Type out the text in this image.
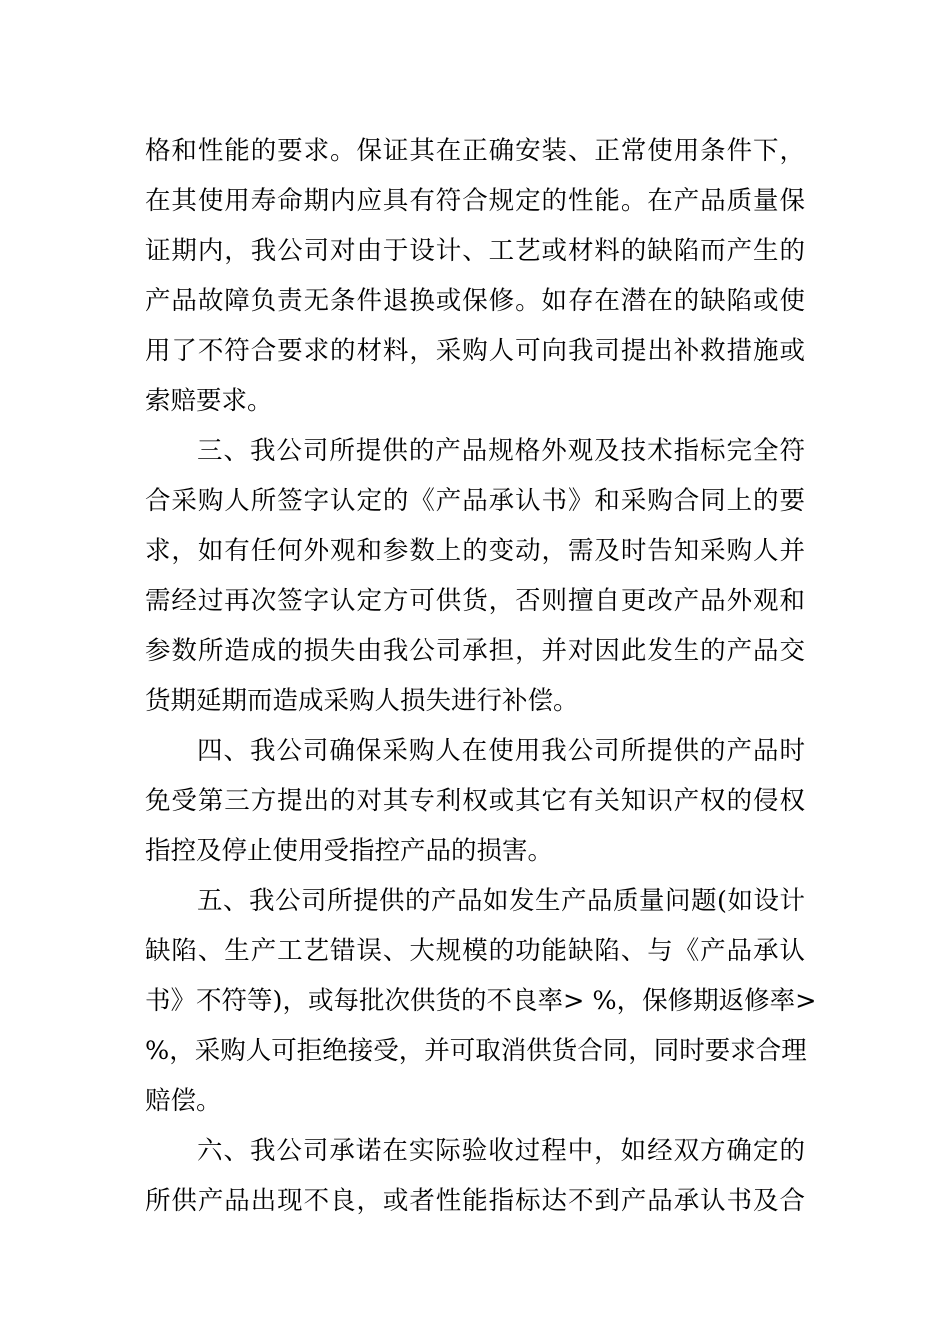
格和性能的要求。保证其在正确安装、正常使用条件下，
在其使用寿命期内应具有符合规定的性能。在产品质量保
证期内，我公司对由于设计、工艺或材料的缺陷而产生的
产品故障负责无条件退换或保修。如存在潜在的缺陷或使
用了不符合要求的材料，采购人可向我司提出补救措施或
索赔要求。
三、我公司所提供的产品规格外观及技术指标完全符
合采购人所签字认定的《产品承认书》和采购合同上的要
求，如有任何外观和参数上的变动，需及时告知采购人并
需经过再次签字认定方可供货，否则擅自更改产品外观和
参数所造成的损失由我公司承担，并对因此发生的产品交
货期延期而造成采购人损失进行补偿。
四、我公司确保采购人在使用我公司所提供的产品时
免受第三方提出的对其专利权或其它有关知识产权的侵权
指控及停止使用受指控产品的损害。
五、我公司所提供的产品如发生产品质量问题(如设计
缺陷、生产工艺错误、大规模的功能缺陷、与《产品承认
书》不符等)，或每批次供货的不良率> %，保修期返修率>
%，采购人可拒绝接受，并可取消供货合同，同时要求合理
赔偿。
六、我公司承诺在实际验收过程中，如经双方确定的
所供产品出现不良，或者性能指标达不到产品承认书及合
